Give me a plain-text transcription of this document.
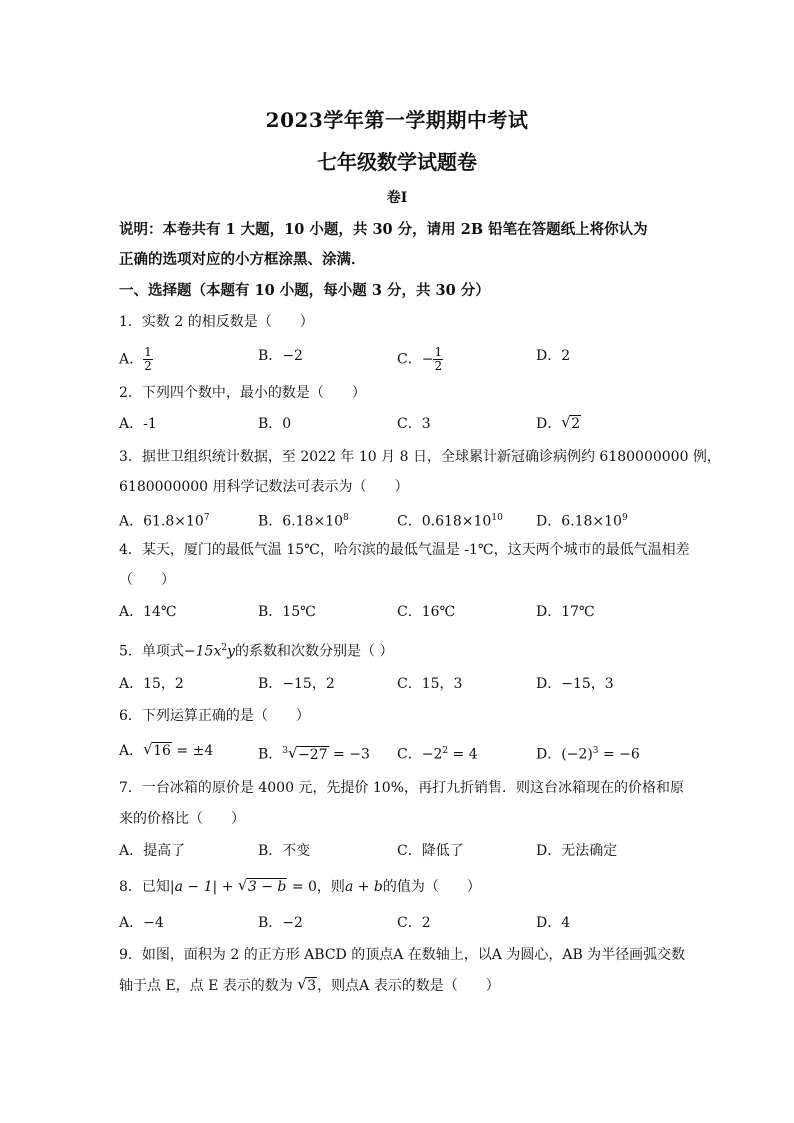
2023学年第一学期期中考试
七年级数学试题卷
卷I
说明：本卷共有 1 大题，10 小题，共 30 分，请用 2B 铅笔在答题纸上将你认为
正确的选项对应的小方框涂黑、涂满．
一、选择题（本题有 10 小题，每小题 3 分，共 30 分）
1．实数 2 的相反数是（　　）
A． $\frac{1}{2}$	B．−2	C．− $\frac{1}{2}$	D．2
2．下列四个数中，最小的数是（　　）
A．-1	B．0	C．3	D． √ 2
3．据世卫组织统计数据，至 2022 年 10 月 8 日，全球累计新冠确诊病例约 6180000000 例，
6180000000 用科学记数法可表示为（　　）
A．$61.8\times 10^7$	B．$6.18\times 10^8$	C．$0.618\times 10^{10}$ D．$6.18\times 10^9$
4．某天，厦门的最低气温 15℃，哈尔滨的最低气温是 -1℃，这天两个城市的最低气温相差
（　　）
A．14℃	B．15℃	C．16℃	D．17℃
5．单项式$-15x^2y$的系数和次数分别是（ ）
A．15，2	B．−15，2	C．15，3	D．−15，3
6．下列运算正确的是（　　）
A． √ 16 = ±4	B．$^3$ √ −27 = −3 C．$-2^2 = 4$	D．$(-2)^3 = -6$
7．一台冰箱的原价是 4000 元，先提价 10%，再打九折销售．则这台冰箱现在的价格和原
来的价格比（　　）
A．提高了	B．不变	C．降低了	D．无法确定
8．已知|a − 1| + √ 3 − b = 0，则a + b的值为（　　）
A．−4	B．−2	C．2	D．4
9．如图，面积为 2 的正方形 ABCD 的顶点A 在数轴上，以A 为圆心，AB 为半径画弧交数
轴于点 E，点 E 表示的数为 √ 3，则点A 表示的数是（　　）
